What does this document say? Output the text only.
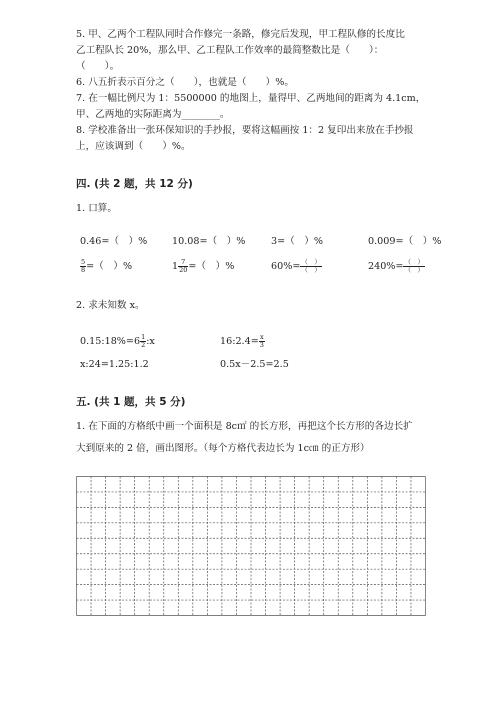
5. 甲、乙两个工程队同时合作修完一条路，修完后发现，甲工程队修的长度比
乙工程队长 20%，那么甲、乙工程队工作效率的最简整数比是（　　）：
（　　）。
6. 八五折表示百分之（　　），也就是（　　）%。
7. 在一幅比例尺为 1：5500000 的地图上，量得甲、乙两地间的距离为 4.1cm，
甲、乙两地的实际距离为________。
8. 学校准备出一张环保知识的手抄报，要将这幅画按 1：2 复印出来放在手抄报
上，应该调到（　　）%。
四. (共 2 题，共 12 分)
1. 口算。
0.46=（　）%	10.08=（　）%	3=（　）%	0.009=（　）%
$\frac{5}{8}$ =（　）%	$1 \frac{7}{20}$ =（　）%	$60\%= \frac{( )}{( )}$	$240\%= \frac{( )}{( )}$
2. 求未知数 x。
0.15:18%=6 $\frac{1}{2}$ :x	16:2.4= $\frac{x}{3}$
x:24=1.25:1.2	0.5x－2.5=2.5
五. (共 1 题，共 5 分)
1. 在下面的方格纸中画一个面积是 8c㎡ 的长方形，再把这个长方形的各边长扩
大到原来的 2 倍，画出图形。（每个方格代表边长为 1c㎝ 的正方形）
